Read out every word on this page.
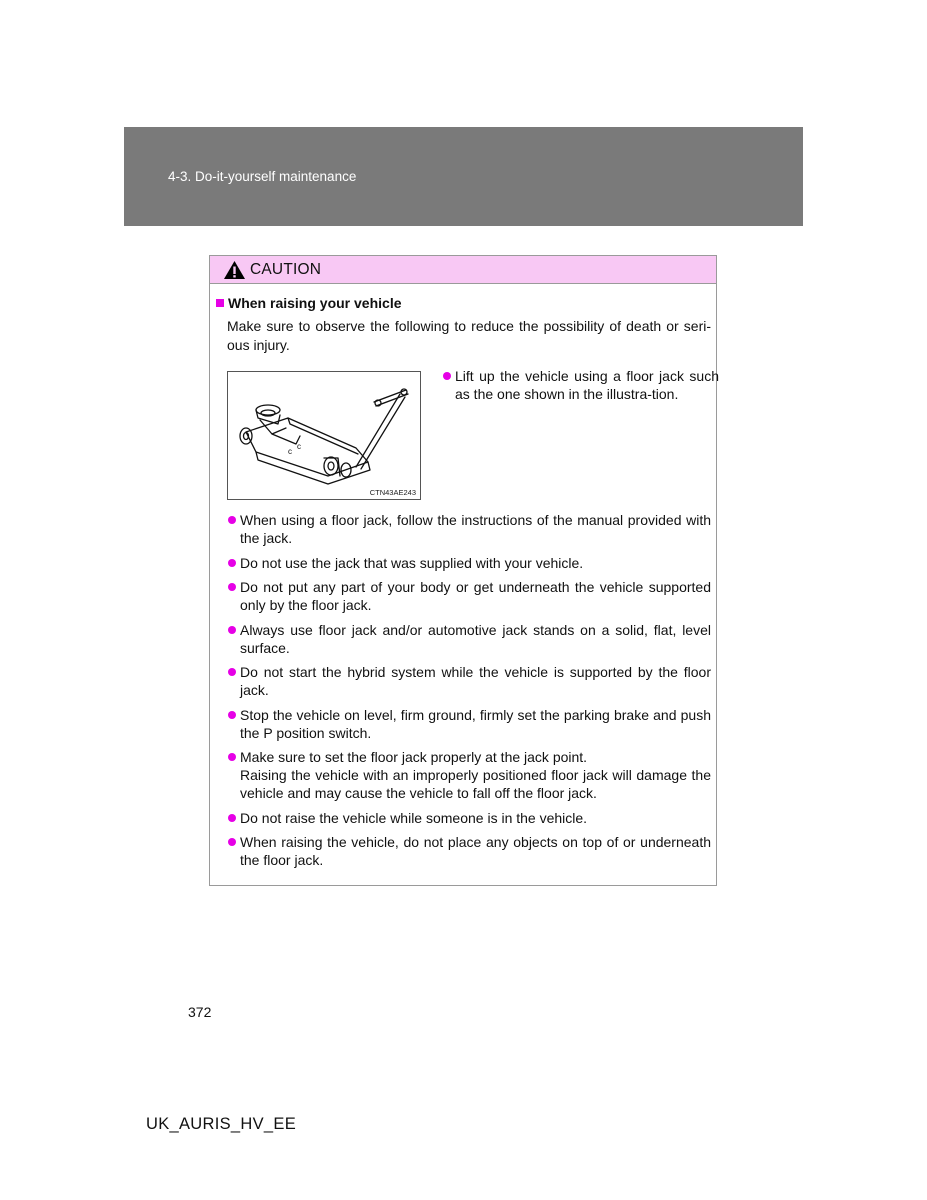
4-3. Do-it-yourself maintenance
CAUTION
When raising your vehicle
Make sure to observe the following to reduce the possibility of death or seri-ous injury.
c
c
CTN43AE243
Lift up the vehicle using a floor jack such as the one shown in the illustra-tion.
When using a floor jack, follow the instructions of the manual provided with the jack.
Do not use the jack that was supplied with your vehicle.
Do not put any part of your body or get underneath the vehicle supported only by the floor jack.
Always use floor jack and/or automotive jack stands on a solid, flat, level surface.
Do not start the hybrid system while the vehicle is supported by the floor jack.
Stop the vehicle on level, firm ground, firmly set the parking brake and push the P position switch.
Make sure to set the floor jack properly at the jack point.
Raising the vehicle with an improperly positioned floor jack will damage the vehicle and may cause the vehicle to fall off the floor jack.
Do not raise the vehicle while someone is in the vehicle.
When raising the vehicle, do not place any objects on top of or underneath the floor jack.
372
UK_AURIS_HV_EE
